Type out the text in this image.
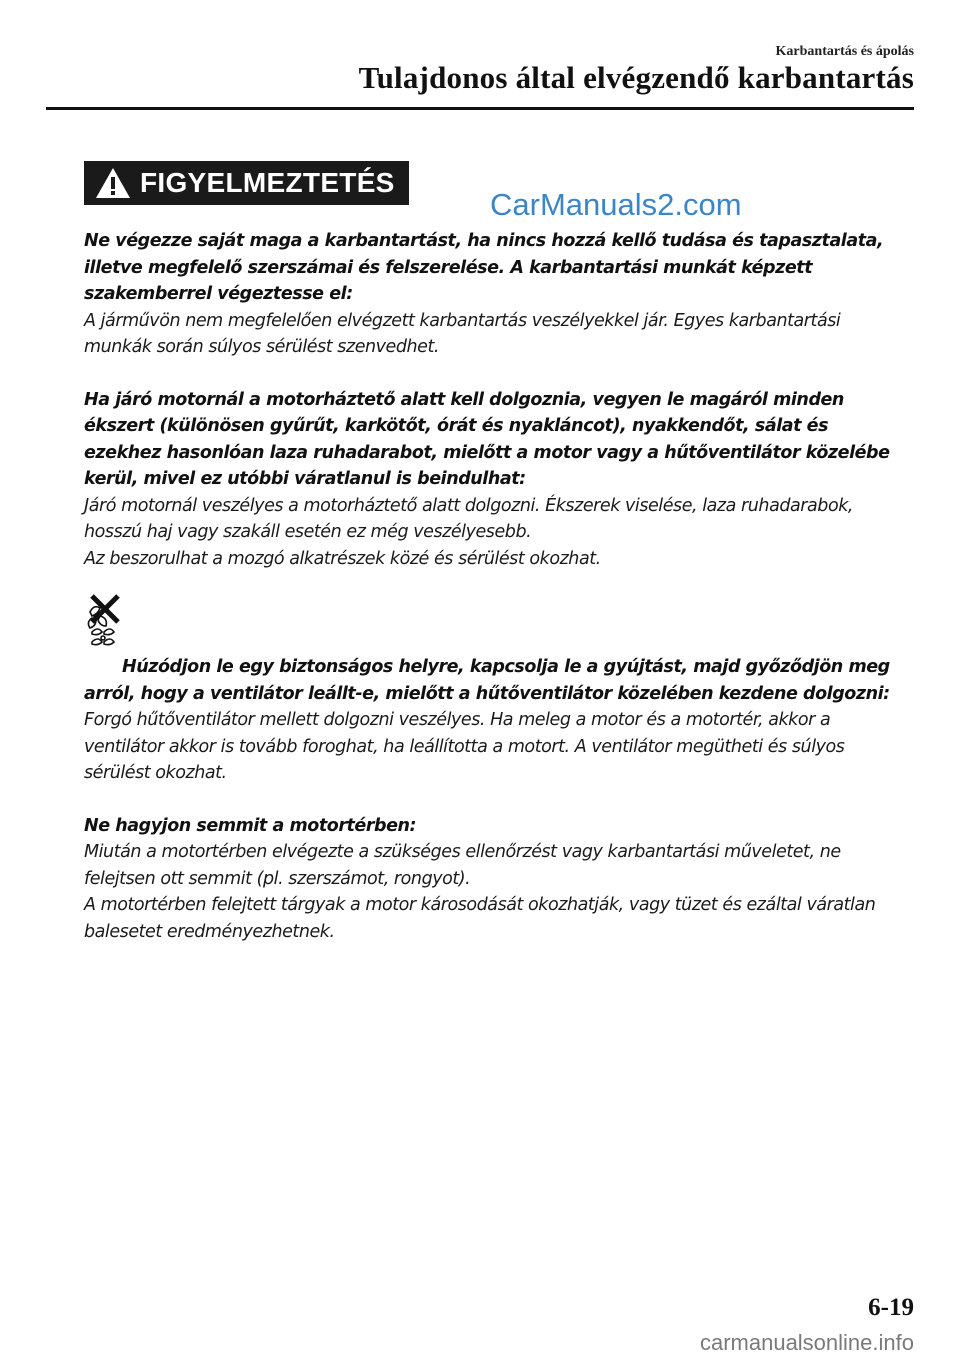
Karbantartás és ápolás
Tulajdonos által elvégzendő karbantartás
FIGYELMEZTETÉS
CarManuals2.com

Ne végezze saját maga a karbantartást, ha nincs hozzá kellő tudása és tapasztalata, illetve megfelelő szerszámai és felszerelése. A karbantartási munkát képzett szakemberrel végeztesse el:

A járművön nem megfelelően elvégzett karbantartás veszélyekkel jár. Egyes karbantartási munkák során súlyos sérülést szenvedhet.

Ha járó motornál a motorháztető alatt kell dolgoznia, vegyen le magáról minden ékszert (különösen gyűrűt, karkötőt, órát és nyakláncot), nyakkendőt, sálat és ezekhez hasonlóan laza ruhadarabot, mielőtt a motor vagy a hűtőventilátor közelébe kerül, mivel ez utóbbi váratlanul is beindulhat:

Járó motornál veszélyes a motorháztető alatt dolgozni. Ékszerek viselése, laza ruhadarabok, hosszú haj vagy szakáll esetén ez még veszélyesebb.

Az beszorulhat a mozgó alkatrészek közé és sérülést okozhat.

Húzódjon le egy biztonságos helyre, kapcsolja le a gyújtást, majd győződjön meg arról, hogy a ventilátor leállt-e, mielőtt a hűtőventilátor közelében kezdene dolgozni:

Forgó hűtőventilátor mellett dolgozni veszélyes. Ha meleg a motor és a motortér, akkor a ventilátor akkor is tovább foroghat, ha leállította a motort. A ventilátor megütheti és súlyos sérülést okozhat.

Ne hagyjon semmit a motortérben:

Miután a motortérben elvégezte a szükséges ellenőrzést vagy karbantartási műveletet, ne felejtsen ott semmit (pl. szerszámot, rongyot).

A motortérben felejtett tárgyak a motor károsodását okozhatják, vagy tüzet és ezáltal váratlan balesetet eredményezhetnek.

6-19
carmanualsonline.info
